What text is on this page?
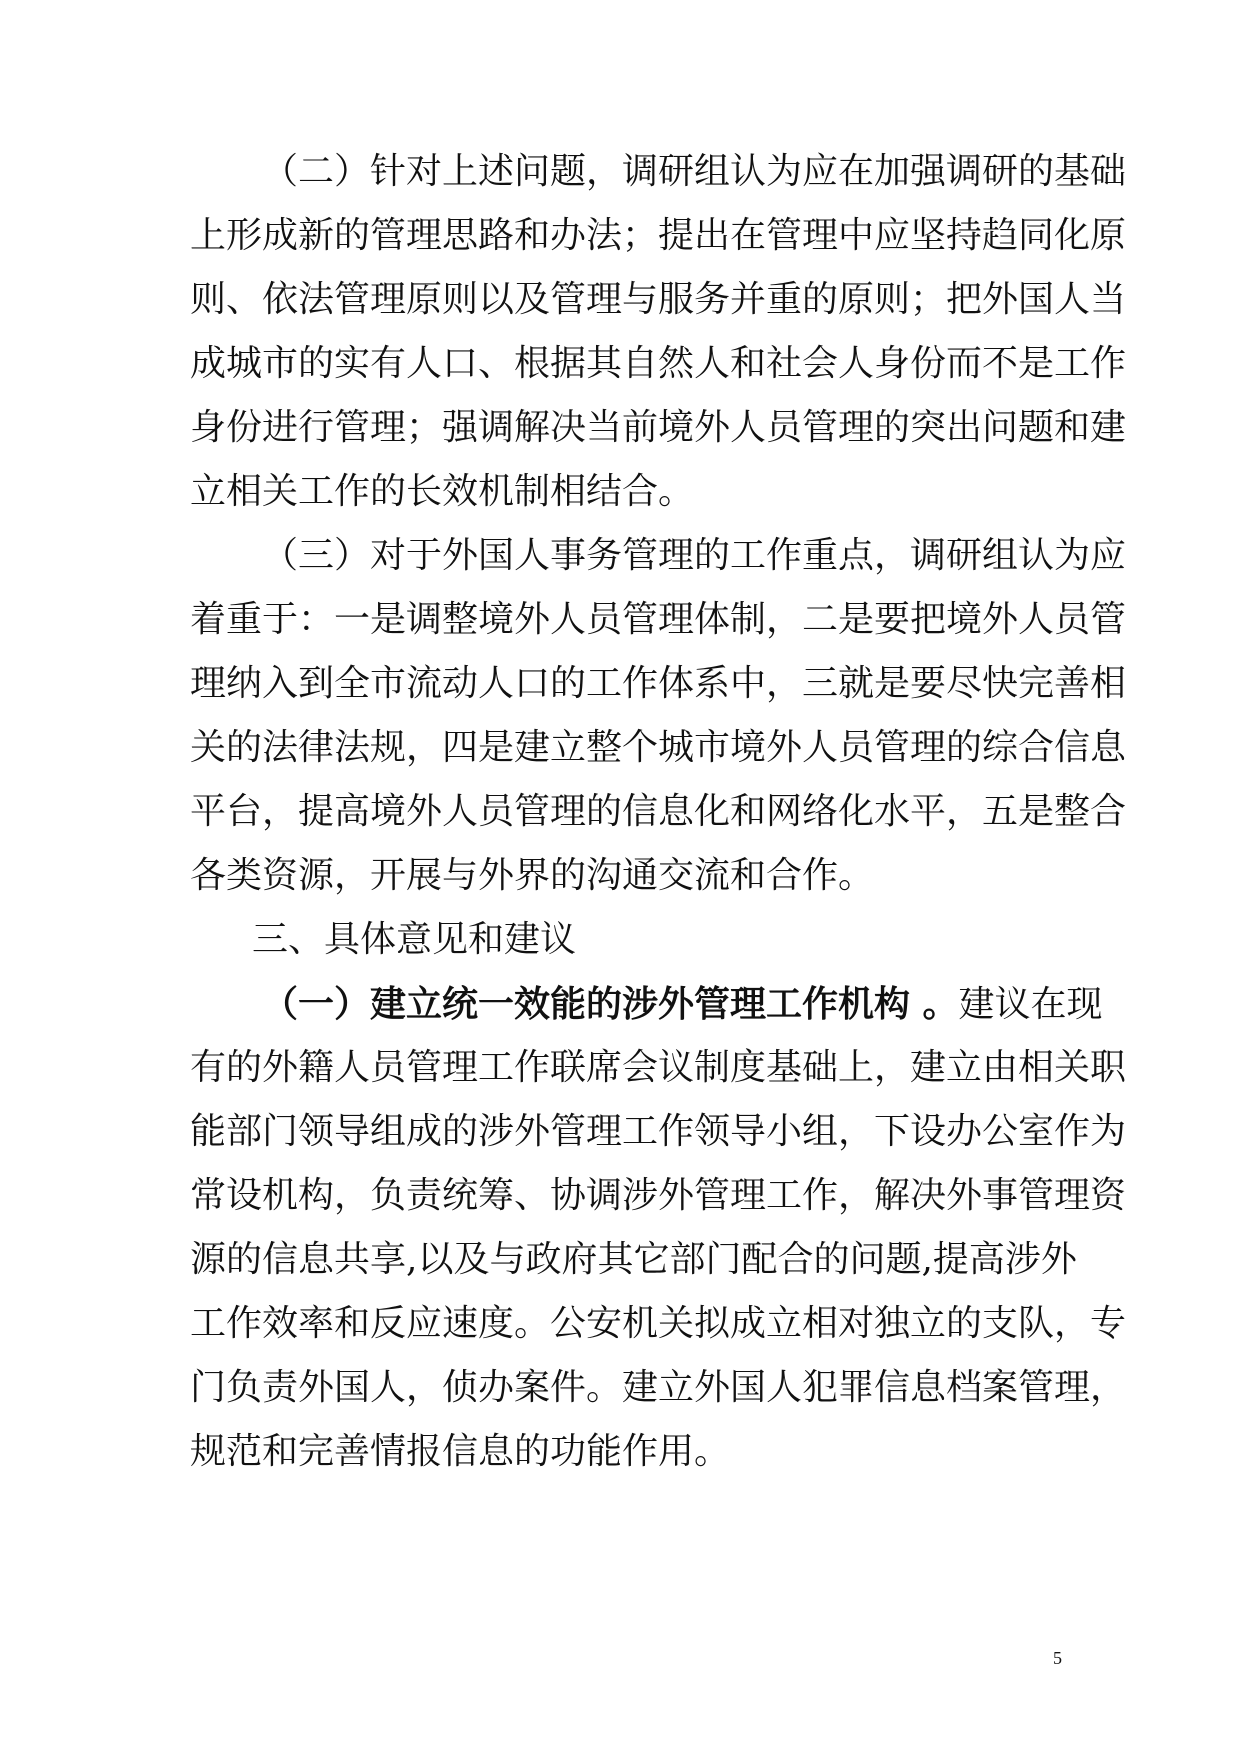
（二）针对上述问题，调研组认为应在加强调研的基础
上形成新的管理思路和办法；提出在管理中应坚持趋同化原
则、依法管理原则以及管理与服务并重的原则；把外国人当
成城市的实有人口、根据其自然人和社会人身份而不是工作
身份进行管理；强调解决当前境外人员管理的突出问题和建
立相关工作的长效机制相结合。
（三）对于外国人事务管理的工作重点，调研组认为应
着重于：一是调整境外人员管理体制，二是要把境外人员管
理纳入到全市流动人口的工作体系中，三就是要尽快完善相
关的法律法规，四是建立整个城市境外人员管理的综合信息
平台，提高境外人员管理的信息化和网络化水平，五是整合
各类资源，开展与外界的沟通交流和合作。
三、具体意见和建议
（一）建立统一效能的涉外管理工作机构 。建议在现
有的外籍人员管理工作联席会议制度基础上，建立由相关职
能部门领导组成的涉外管理工作领导小组，下设办公室作为
常设机构，负责统筹、协调涉外管理工作，解决外事管理资
源的信息共享,以及与政府其它部门配合的问题,提高涉外
工作效率和反应速度。公安机关拟成立相对独立的支队，专
门负责外国人，侦办案件。建立外国人犯罪信息档案管理，
规范和完善情报信息的功能作用。
5
